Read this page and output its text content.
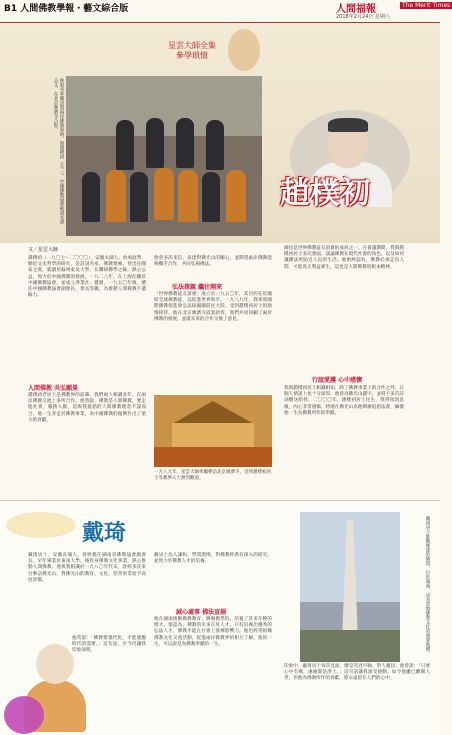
B1 人間佛教學報・藝文綜合版	人間福報	The Merit Times
2018年2月24日 星期六
星雲大師全集
參學瑣憶
林昭亮率團訪問兩岸佛教界時，與趙樸初（左二）、中國佛教協會秘書長唐志文，在北京廣濟寺合影。
趙樸初
文／星雲大師
趙樸初（一九〇七～二〇〇〇），安徽太湖人。幼承庭學，勤於文史哲學的研究，是詩詞名家、佛教領袖。曾出任國家主席，就讀於蘇州東吳大學，在鑽研佛學之餘，熱心公益，致力於中國佛教的發展。一九二八年，在上海任職於中國佛教協會，並成立淨業社、覺園，一九五〇年後，歷任中國佛教協會副會長、會長等職，為推動人間佛教不遺餘力。
人間佛教 共弘願景
趙樸初老居士是佛教界的前輩，我們兩人相識多年，在兩岸佛教交流上多所合作。他曾說，佛教是人間佛教，要走進社會，服務人群，這與我提倡的人間佛教理念不謀而合。他一生奔走於佛教事業，為中國佛教的復興作出了重大的貢獻。
他曾多次來信，表達對佛光山的關心，並期望兩岸佛教能夠攜手合作，共同弘揚佛法。
弘法探親 繼往開來
「世界佛教徒友誼會」成立於一九五〇年，其目的在於團結全球佛教徒，以促進世界和平。一九八九年，我率領國際佛教促進會弘法探親團前往大陸，受到趙樸初居士的熱情接待。他在北京廣濟寺設宴款待，我們共同回顧了兩岸佛教的發展，並就未來的合作交換了意見。
一九八九年，星雲大師率團參訪北京廣濟寺，受到趙樸初居士等教界人士熱烈歡迎。
國也是世界佛教徒友誼會的成員之一。在會議期間，我與趙樸初居士多次會面，談論佛教在現代社會的角色，以及如何讓佛法更貼近人民的生活。他始終認為，佛教必須走向人間，才能真正利益眾生，這也是人間佛教的根本精神。
行誼愛護 心中感懷
我與趙樸初居士相識相知，除了佛教事業上的合作之外，在個人情誼上也十分深厚。他曾為佛光山題字，並寫下多首詩詞贈送給我。二〇〇〇年，趙樸初居士往生，我得知消息後，內心非常感傷，特地在佛光山為他舉辦追思法會，緬懷他一生為佛教所作的奉獻。
戴琦
戴琦居士，安徽宣城人，曾經擔任湖南省佛教協會副會長。早年畢業於東南大學，後投身佛教文化事業，熱心推動人間佛教。他與我相識於一九八〇年代末，曾經多次來台參訪佛光山，對佛光山的教育、文化、慈善事業給予高度評價。
他常說：「佛教要現代化，才能適應時代的需要。」這句話，至今仍讓我印象深刻。
戴居士為人謙和，學問淵博，對佛教經典有深入的研究，並致力於佛教人才的培養。
誠心處事 佛法宣揚
他在湖南推動佛教教育，興辦佛學院，培養了許多年輕的僧才。他認為，佛教的未來在於人才，只有培養出優秀的弘法人才，佛教才能在社會上發揮影響力。他也經常組織佛教文化交流活動，促進兩岸佛教界的相互了解。他的一生，可以說是為佛教奉獻的一生。	戴琦居士推動修建的佛塔，位於湖南，成為當地佛教文化的重要地標。
印象中，戴琦居士每次見面，總是笑容可掬，對人親切。他曾說：「只要心中有佛，處處都是淨土。」這句話讓我深受感動。如今他雖已離開人世，但他為佛教所作的貢獻，將永遠留在人們的心中。
